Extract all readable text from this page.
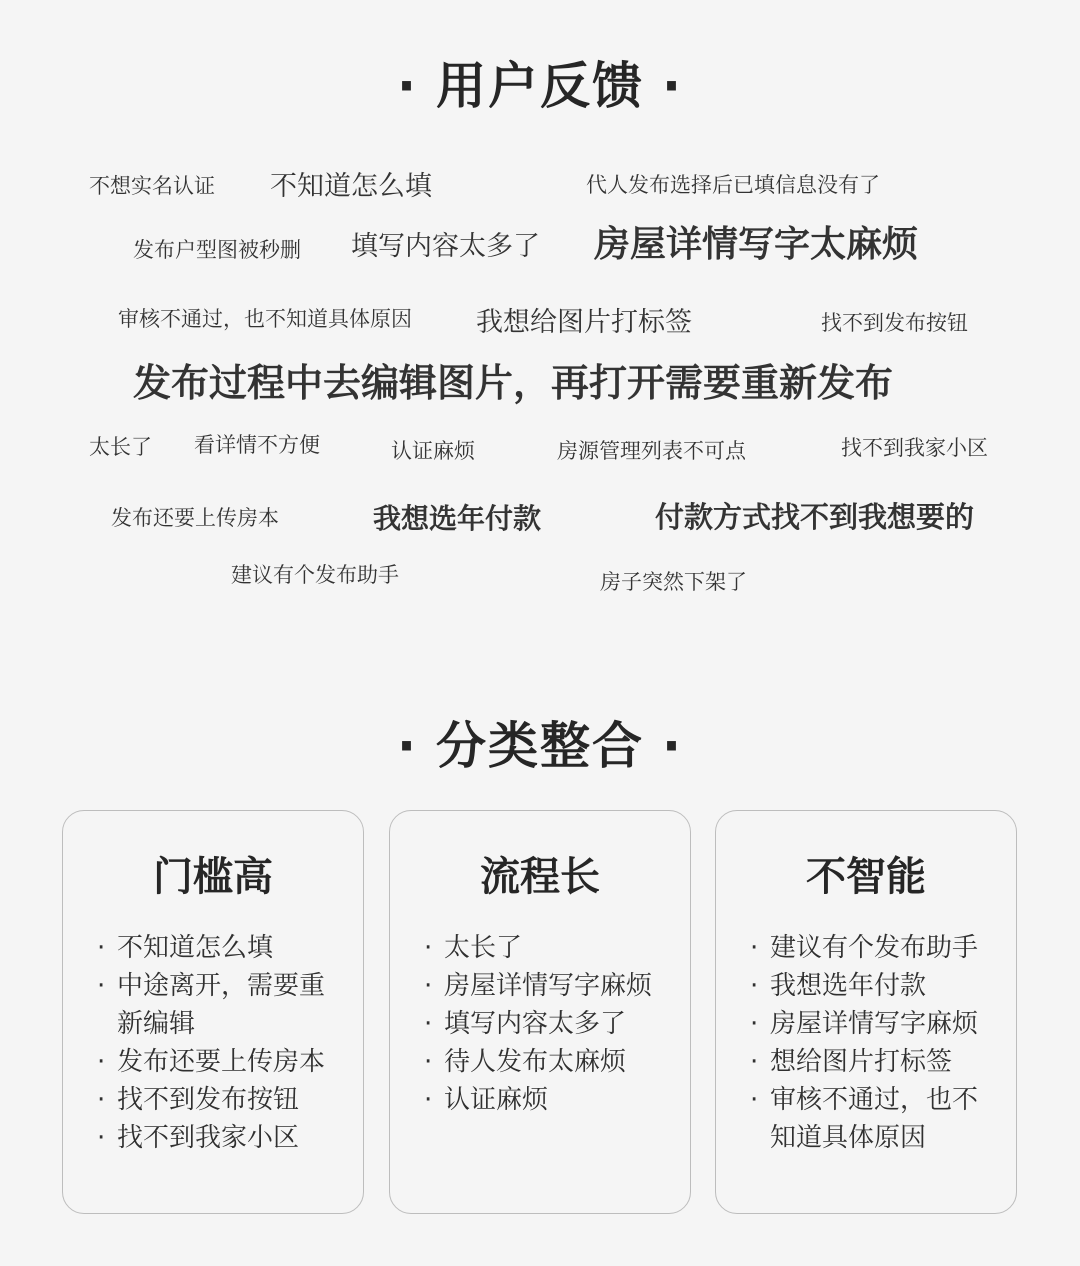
· 用户反馈 ·
不想实名认证 不知道怎么填	代人发布选择后已填信息没有了
发布户型图被秒删 填写内容太多了 房屋详情写字太麻烦
审核不通过，也不知道具体原因 我想给图片打标签	找不到发布按钮
发布过程中去编辑图片，再打开需要重新发布
太长了 看详情不方便	认证麻烦	房源管理列表不可点	找不到我家小区
发布还要上传房本	我想选年付款	付款方式找不到我想要的
建议有个发布助手	房子突然下架了
· 分类整合 ·
门槛高
· 不知道怎么填
· 中途离开，需要重新编辑
· 发布还要上传房本
· 找不到发布按钮
· 找不到我家小区
流程长
· 太长了
· 房屋详情写字麻烦
· 填写内容太多了
· 待人发布太麻烦
· 认证麻烦
不智能
· 建议有个发布助手
· 我想选年付款
· 房屋详情写字麻烦
· 想给图片打标签
· 审核不通过，也不知道具体原因
